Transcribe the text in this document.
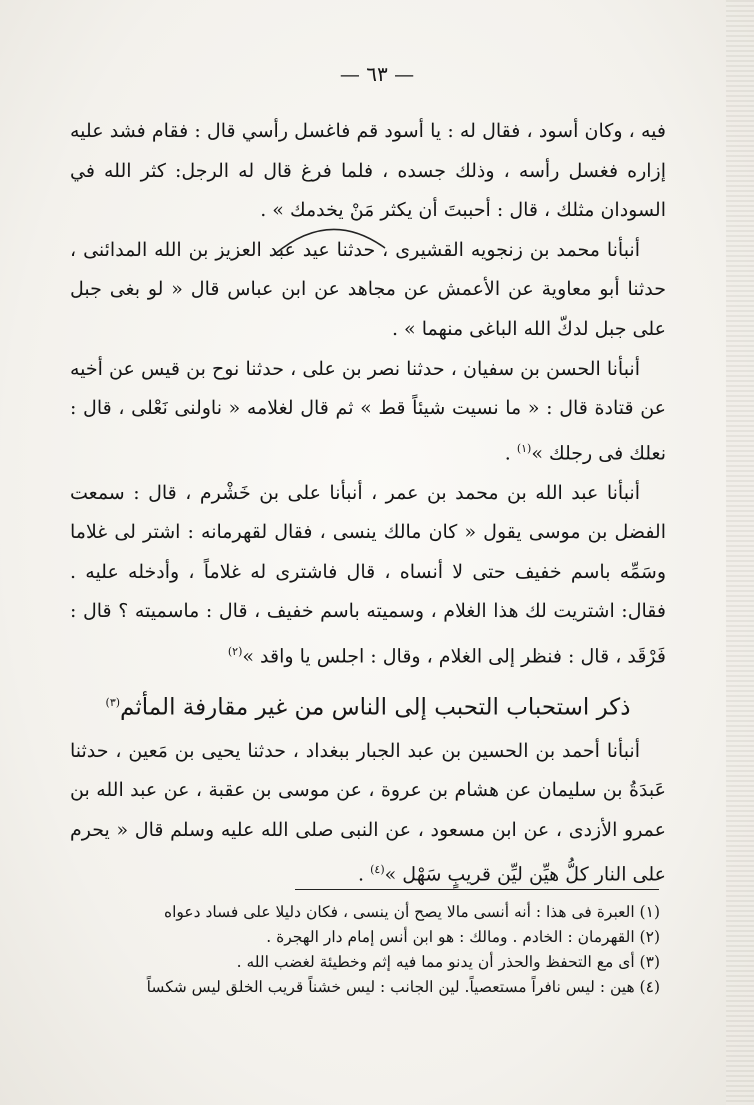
— ٦٣ —

فيه ، وكان أسود ، فقال له : يا أسود قم فاغسل رأسي قال : فقام فشد عليه إزاره فغسل رأسه ، وذلك جسده ، فلما فرغ قال له الرجل: كثر الله في السودان مثلك ، قال : أحببتَ أن يكثر مَنْ يخدمك » .

أنبأنا محمد بن زنجويه القشيرى ، حدثنا عيد عبد العزيز بن الله المدائنى ، حدثنا أبو معاوية عن الأعمش عن مجاهد عن ابن عباس قال « لو بغى جبل على جبل لدكّ الله الباغى منهما » .

أنبأنا الحسن بن سفيان ، حدثنا نصر بن على ، حدثنا نوح بن قيس عن أخيه عن قتادة قال : « ما نسيت شيئاً قط » ثم قال لغلامه « ناولنى نَعْلى ، قال : نعلك فى رجلك »$^{(١)}$ .

أنبأنا عبد الله بن محمد بن عمر ، أنبأنا على بن خَشْرم ، قال : سمعت الفضل بن موسى يقول « كان مالك ينسى ، فقال لقهرمانه : اشتر لى غلاما وسَمِّه باسم خفيف حتى لا أنساه ، قال فاشترى له غلاماً ، وأدخله عليه . فقال: اشتريت لك هذا الغلام ، وسميته باسم خفيف ، قال : ماسميته ؟ قال : فَرْقَد ، قال : فنظر إلى الغلام ، وقال : اجلس يا واقد »$^{(٢)}$

ذكر استحباب التحبب إلى الناس من غير مقارفة المأثم$^{(٣)}$

أنبأنا أحمد بن الحسين بن عبد الجبار ببغداد ، حدثنا يحيى بن مَعين ، حدثنا عَبدَةُ بن سليمان عن هشام بن عروة ، عن موسى بن عقبة ، عن عبد الله بن عمرو الأزدى ، عن ابن مسعود ، عن النبى صلى الله عليه وسلم قال « يحرم على النار كلُّ هيِّن ليِّن قريبٍ سَهْل »$^{(٤)}$ .

(١) العبرة فى هذا : أنه أنسى مالا يصح أن ينسى ، فكان دليلا على فساد دعواه

(٢) القهرمان : الخادم . ومالك : هو ابن أنس إمام دار الهجرة .

(٣) أى مع التحفظ والحذر أن يدنو مما فيه إثم وخطيئة لغضب الله .

(٤) هين : ليس نافراً مستعصياً. لين الجانب : ليس خشناً قريب الخلق ليس شكساً
